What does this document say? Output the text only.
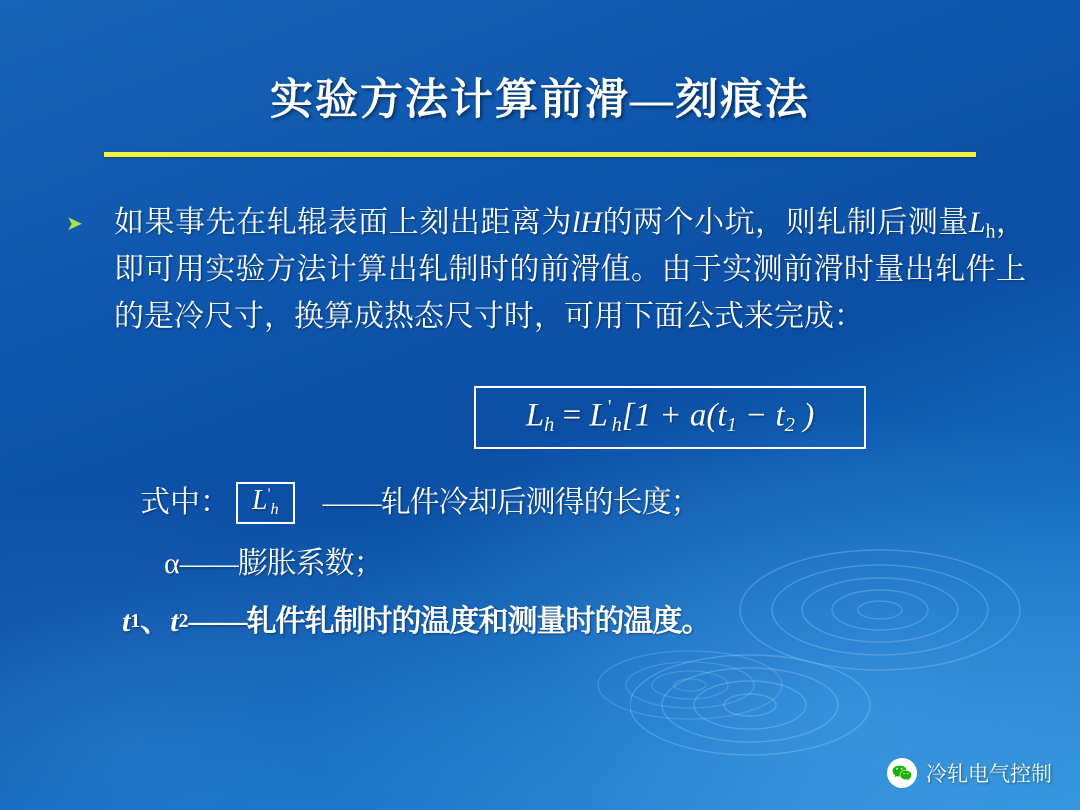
实验方法计算前滑—刻痕法
➤ 如果事先在轧辊表面上刻出距离为lH的两个小坑，则轧制后测量$L_h$，即可用实验方法计算出轧制时的前滑值。由于实测前滑时量出轧件上的是冷尺寸，换算成热态尺寸时，可用下面公式来完成：
Lh = L'h[1 + a(t1 − t2 )
式中： L'h	——轧件冷却后测得的长度；
α ——膨胀系数；
t 1 、 t 2 ——轧件轧制时的温度和测量时的温度。
冷轧电气控制
